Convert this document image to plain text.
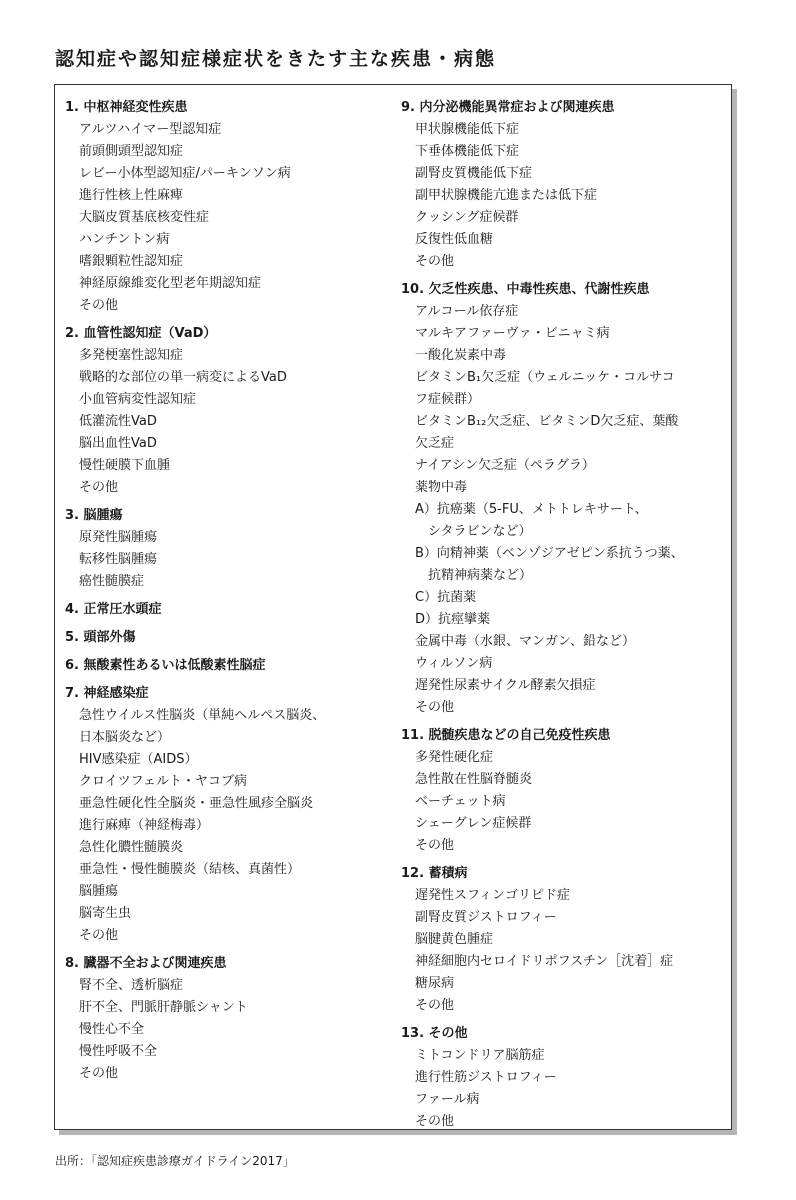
認知症や認知症様症状をきたす主な疾患・病態
1. 中枢神経変性疾患
アルツハイマー型認知症
前頭側頭型認知症
レビー小体型認知症/パーキンソン病
進行性核上性麻痺
大脳皮質基底核変性症
ハンチントン病
嗜銀顆粒性認知症
神経原線維変化型老年期認知症
その他
2. 血管性認知症（VaD）
多発梗塞性認知症
戦略的な部位の単一病変によるVaD
小血管病変性認知症
低灌流性VaD
脳出血性VaD
慢性硬膜下血腫
その他
3. 脳腫瘍
原発性脳腫瘍
転移性脳腫瘍
癌性髄膜症
4. 正常圧水頭症
5. 頭部外傷
6. 無酸素性あるいは低酸素性脳症
7. 神経感染症
急性ウイルス性脳炎（単純ヘルペス脳炎、
日本脳炎など）
HIV感染症（AIDS）
クロイツフェルト・ヤコブ病
亜急性硬化性全脳炎・亜急性風疹全脳炎
進行麻痺（神経梅毒）
急性化膿性髄膜炎
亜急性・慢性髄膜炎（結核、真菌性）
脳腫瘍
脳寄生虫
その他
8. 臓器不全および関連疾患
腎不全、透析脳症
肝不全、門脈肝静脈シャント
慢性心不全
慢性呼吸不全
その他
9. 内分泌機能異常症および関連疾患
甲状腺機能低下症
下垂体機能低下症
副腎皮質機能低下症
副甲状腺機能亢進または低下症
クッシング症候群
反復性低血糖
その他
10. 欠乏性疾患、中毒性疾患、代謝性疾患
アルコール依存症
マルキアファーヴァ・ビニャミ病
一酸化炭素中毒
ビタミンB₁欠乏症（ウェルニッケ・コルサコ
フ症候群）
ビタミンB₁₂欠乏症、ビタミンD欠乏症、葉酸
欠乏症
ナイアシン欠乏症（ペラグラ）
薬物中毒
A）抗癌薬（5-FU、メトトレキサート、
　シタラビンなど）
B）向精神薬（ベンゾジアゼピン系抗うつ薬、
　抗精神病薬など）
C）抗菌薬
D）抗痙攣薬
金属中毒（水銀、マンガン、鉛など）
ウィルソン病
遅発性尿素サイクル酵素欠損症
その他
11. 脱髄疾患などの自己免疫性疾患
多発性硬化症
急性散在性脳脊髄炎
ベーチェット病
シェーグレン症候群
その他
12. 蓄積病
遅発性スフィンゴリピド症
副腎皮質ジストロフィー
脳腱黄色腫症
神経細胞内セロイドリポフスチン［沈着］症
糖尿病
その他
13. その他
ミトコンドリア脳筋症
進行性筋ジストロフィー
ファール病
その他
出所：「認知症疾患診療ガイドライン2017」
